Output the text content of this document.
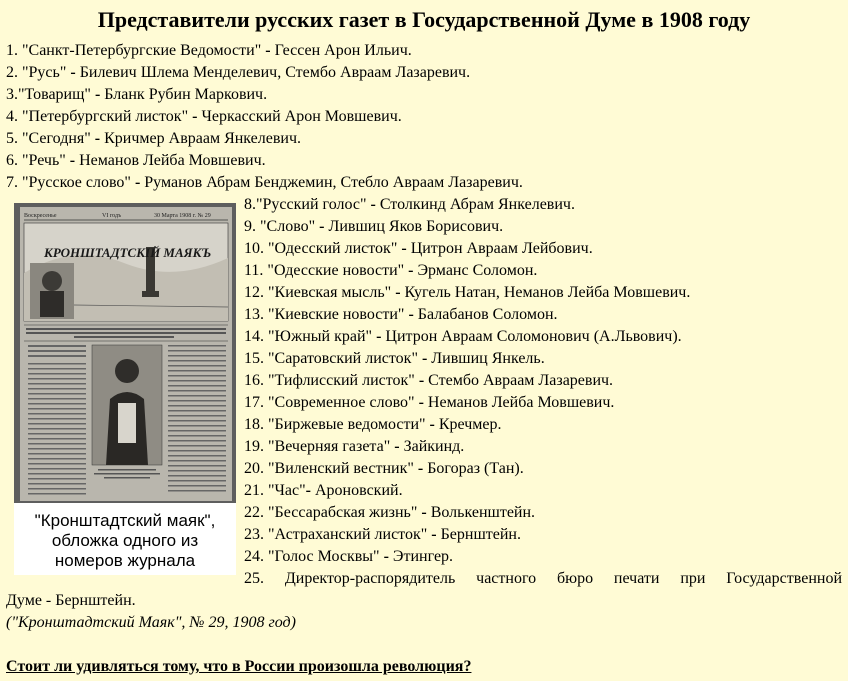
Представители русских газет в Государственной Думе в 1908 году
1. "Санкт-Петербургские Ведомости" - Гессен Арон Ильич.
2. "Русь" - Билевич Шлема Менделевич, Стембо Авраам Лазаревич.
3."Товарищ" - Бланк Рубин Маркович.
4. "Петербургский листок" - Черкасский Арон Мовшевич.
5. "Сегодня" - Кричмер Авраам Янкелевич.
6. "Речь" - Неманов Лейба Мовшевич.
7. "Русское слово" - Руманов Абрам Бенджемин, Стебло Авраам Лазаревич.
Воскресенье	VI годъ	30 Марта 1908 г. № 29
КРОНШТАДТСКІЙ МАЯКЪ
"Кронштадтский маяк",
обложка одного из
номеров журнала
8."Русский голос" - Столкинд Абрам Янкелевич.
9. "Слово" - Лившиц Яков Борисович.
10. "Одесский листок" - Цитрон Авраам Лейбович.
11. "Одесские новости" - Эрманс Соломон.
12. "Киевская мысль" - Кугель Натан, Неманов Лейба Мовшевич.
13. "Киевские новости" - Балабанов Соломон.
14. "Южный край" - Цитрон Авраам Соломонович (А.Львович).
15. "Саратовский листок" - Лившиц Янкель.
16. "Тифлисский листок" - Стембо Авраам Лазаревич.
17. "Современное слово" - Неманов Лейба Мовшевич.
18. "Биржевые ведомости" - Кречмер.
19. "Вечерняя газета" - Зайкинд.
20. "Виленский вестник" - Богораз (Тан).
21. "Час"- Ароновский.
22. "Бессарабская жизнь" - Волькенштейн.
23. "Астраханский листок" - Бернштейн.
24. "Голос Москвы" - Этингер.
25. Директор-распорядитель частного бюро печати при Государственной
Думе - Бернштейн.
("Кронштадтский Маяк", № 29, 1908 год)
Стоит ли удивляться тому, что в России произошла революция?
